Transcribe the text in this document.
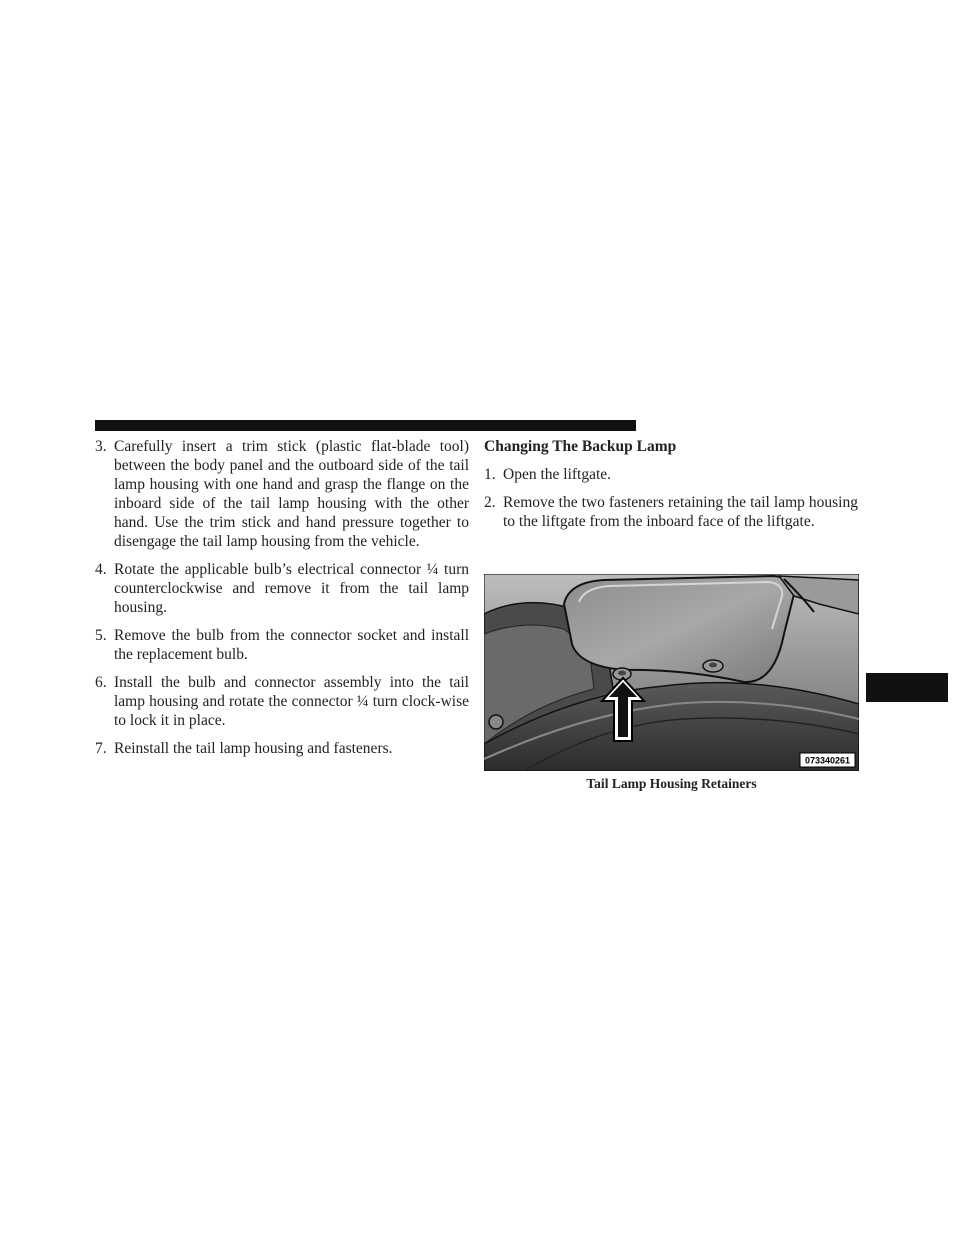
3. Carefully insert a trim stick (plastic flat-blade tool) between the body panel and the outboard side of the tail lamp housing with one hand and grasp the flange on the inboard side of the tail lamp housing with the other hand. Use the trim stick and hand pressure together to disengage the tail lamp housing from the vehicle.
4. Rotate the applicable bulb’s electrical connector ¼ turn counterclockwise and remove it from the tail lamp housing.
5. Remove the bulb from the connector socket and install the replacement bulb.
6. Install the bulb and connector assembly into the tail lamp housing and rotate the connector ¼ turn clock-wise to lock it in place.
7. Reinstall the tail lamp housing and fasteners.
Changing The Backup Lamp
1. Open the liftgate.
2. Remove the two fasteners retaining the tail lamp housing to the liftgate from the inboard face of the liftgate.
073340261
Tail Lamp Housing Retainers
